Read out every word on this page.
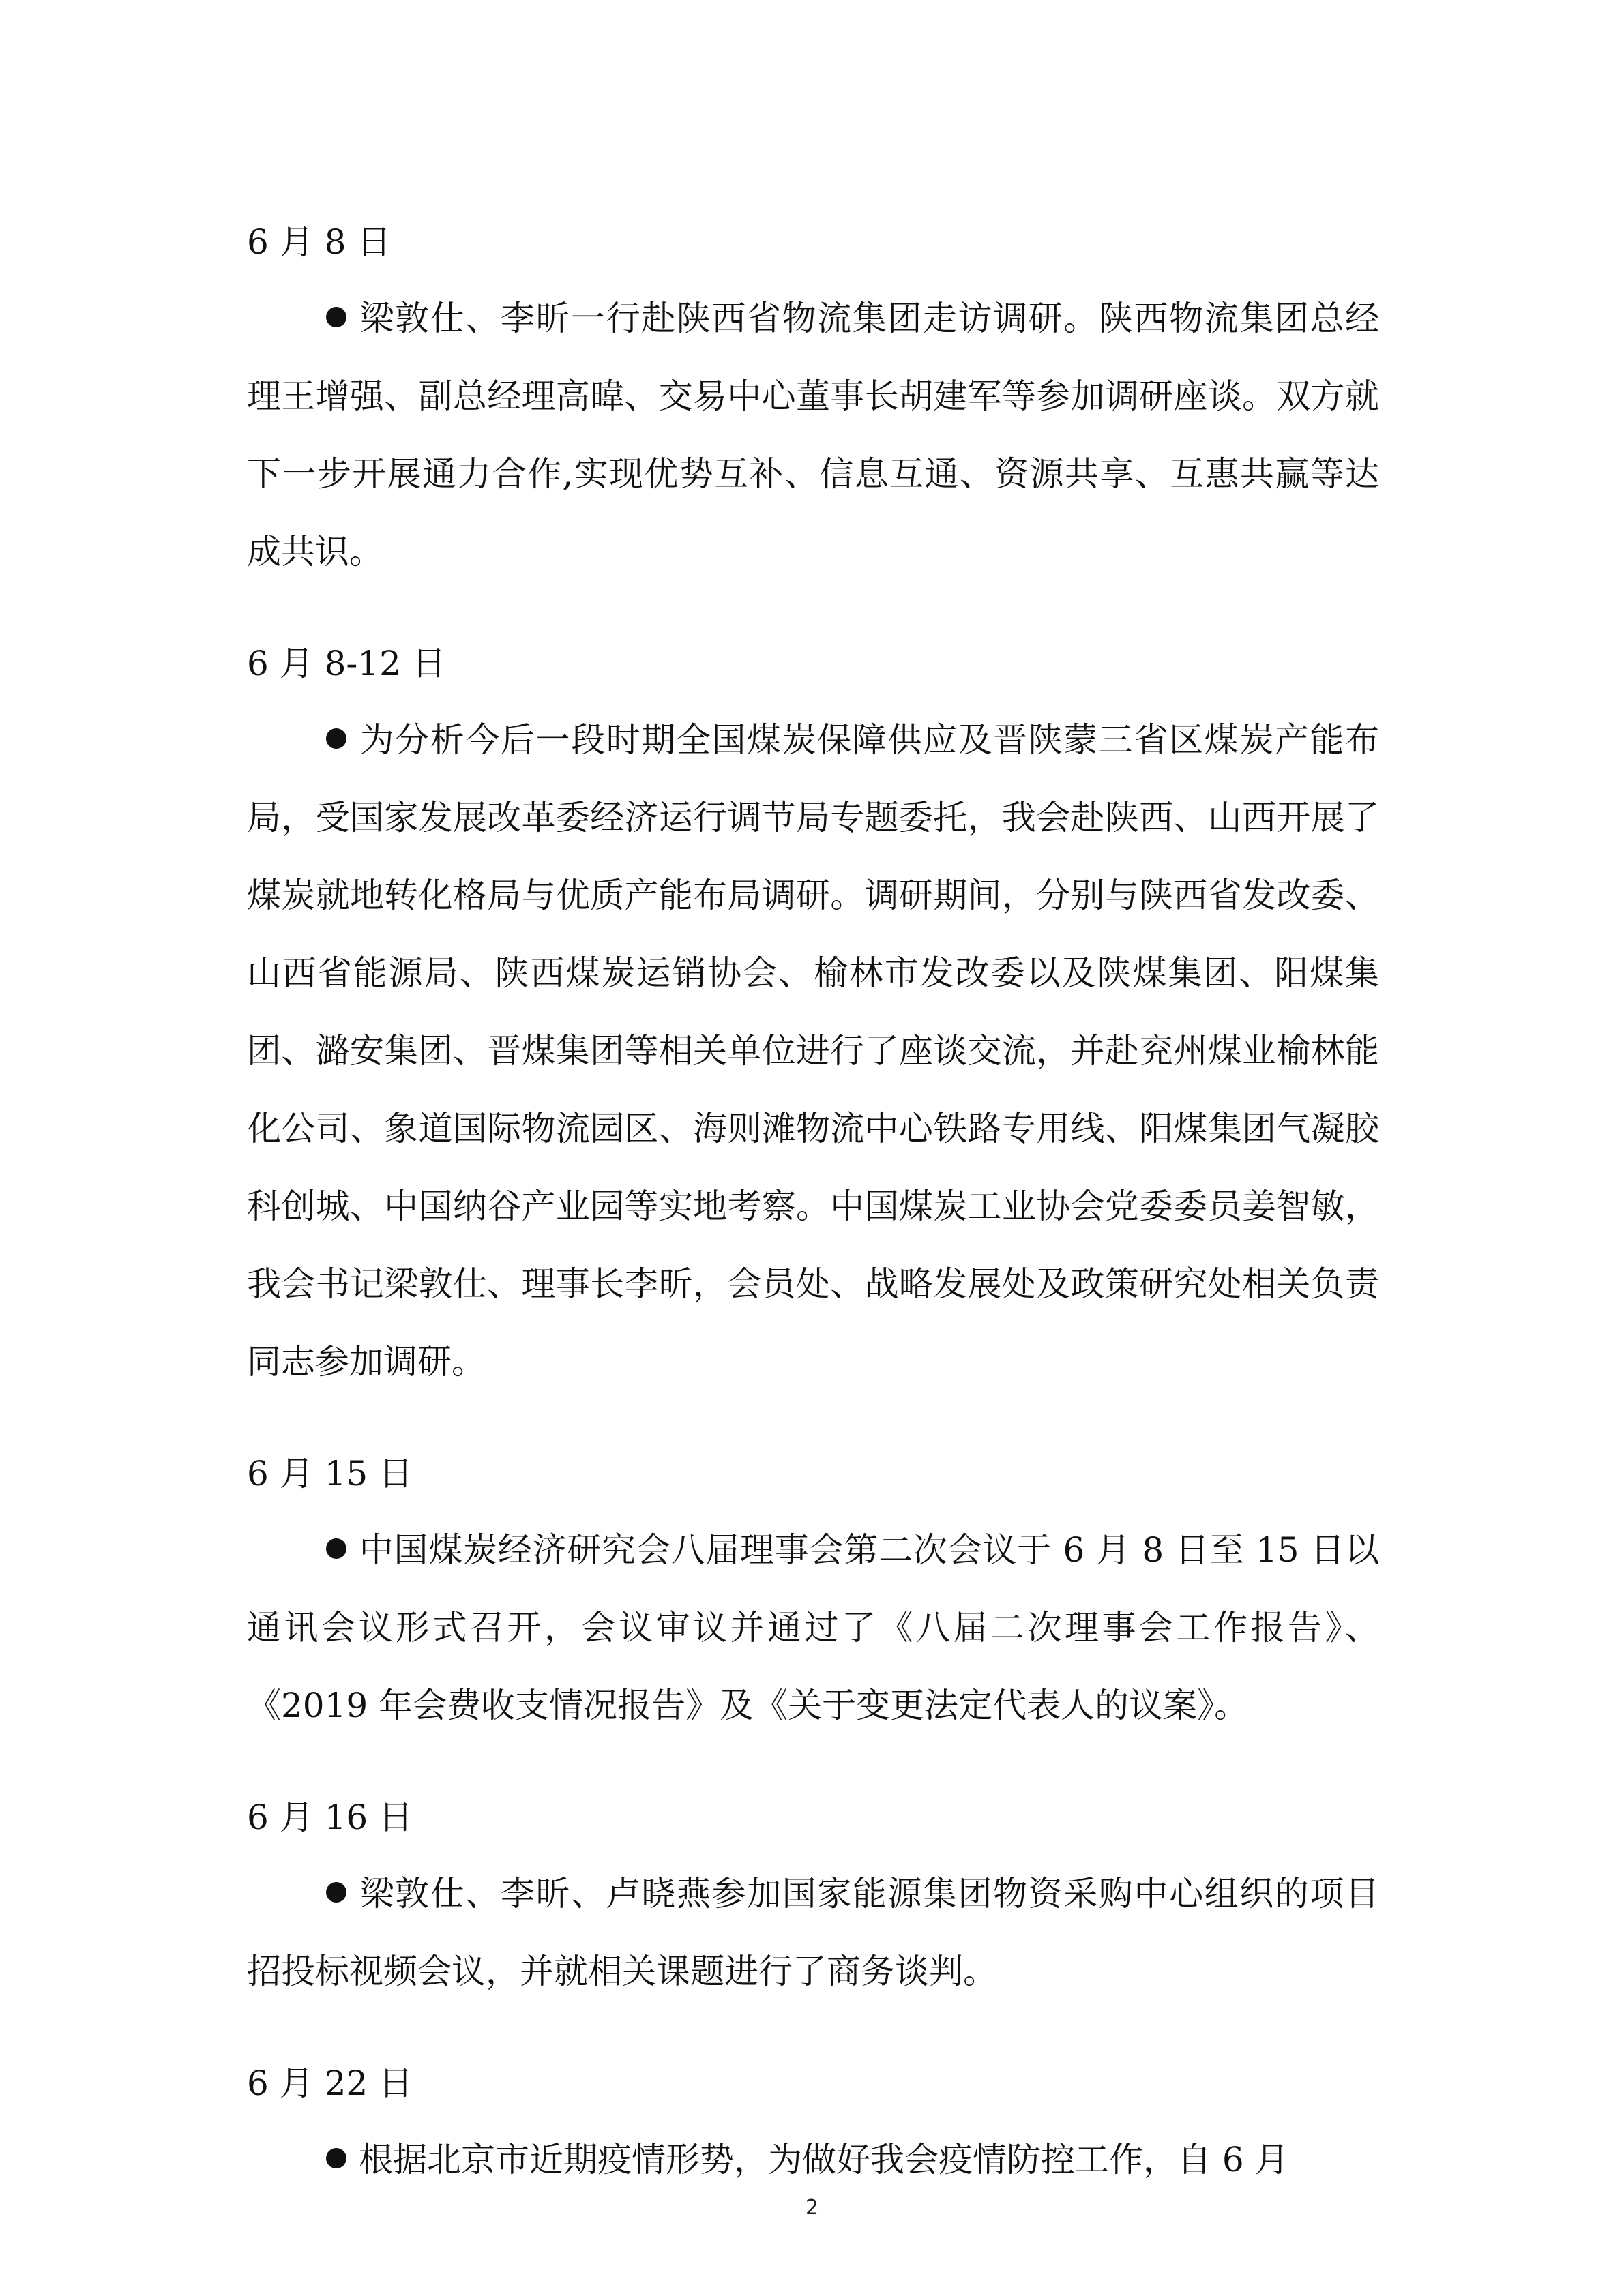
6 月 8 日

梁敦仕、李昕一行赴陕西省物流集团走访调研。陕西物流集团总经理王增强、副总经理高暐、交易中心董事长胡建军等参加调研座谈。双方就下一步开展通力合作,实现优势互补、信息互通、资源共享、互惠共赢等达成共识。

6 月 8-12 日

为分析今后一段时期全国煤炭保障供应及晋陕蒙三省区煤炭产能布局，受国家发展改革委经济运行调节局专题委托，我会赴陕西、山西开展了煤炭就地转化格局与优质产能布局调研。调研期间，分别与陕西省发改委、山西省能源局、陕西煤炭运销协会、榆林市发改委以及陕煤集团、阳煤集团、潞安集团、晋煤集团等相关单位进行了座谈交流，并赴兖州煤业榆林能化公司、象道国际物流园区、海则滩物流中心铁路专用线、阳煤集团气凝胶科创城、中国纳谷产业园等实地考察。中国煤炭工业协会党委委员姜智敏，我会书记梁敦仕、理事长李昕，会员处、战略发展处及政策研究处相关负责同志参加调研。

6 月 15 日

中国煤炭经济研究会八届理事会第二次会议于 6 月 8 日至 15 日以通讯会议形式召开，会议审议并通过了《八届二次理事会工作报告》、《2019 年会费收支情况报告》及《关于变更法定代表人的议案》。

6 月 16 日

梁敦仕、李昕、卢晓燕参加国家能源集团物资采购中心组织的项目招投标视频会议，并就相关课题进行了商务谈判。

6 月 22 日

根据北京市近期疫情形势，为做好我会疫情防控工作，自 6 月

2
